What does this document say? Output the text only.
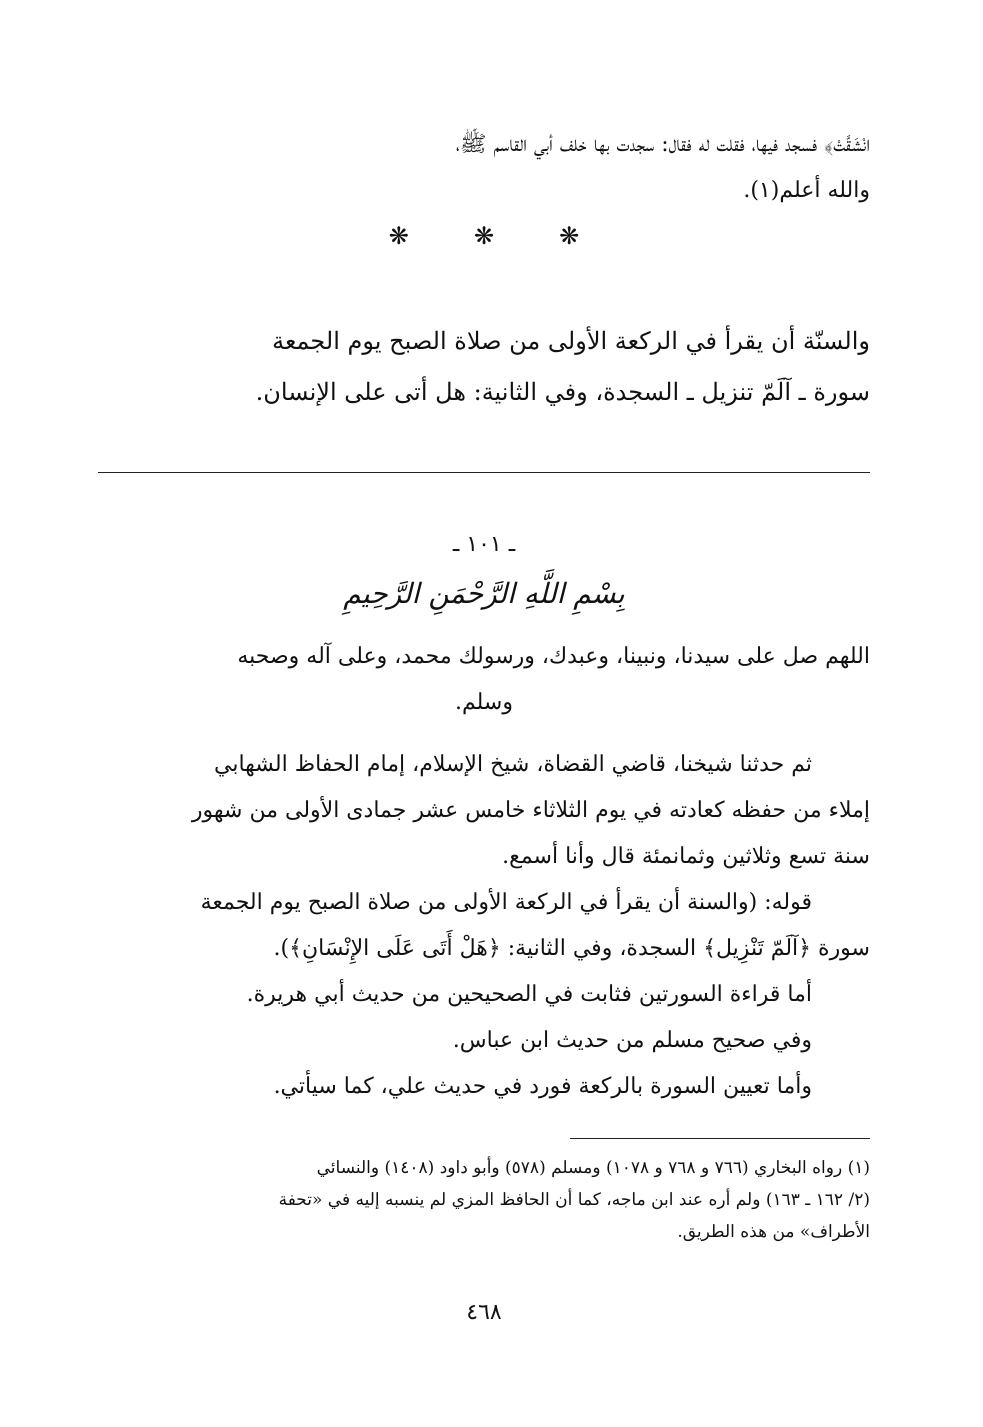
انْشَقَّتْ﴾ فسجد فيها، فقلت له فقال: سجدت بها خلف أبي القاسم ﷺ،

والله أعلم(١).

❋ ❋ ❋

والسنّة أن يقرأ في الركعة الأولى من صلاة الصبح يوم الجمعة

سورة ـ آلَمّ تنزيل ـ السجدة، وفي الثانية: هل أتى على الإنسان.

ـ ١٠١ ـ
بِسْمِ اللَّهِ الرَّحْمَنِ الرَّحِيمِ

اللهم صل على سيدنا، ونبينا، وعبدك، ورسولك محمد، وعلى آله وصحبه

وسلم.

ثم حدثنا شيخنا، قاضي القضاة، شيخ الإسلام، إمام الحفاظ الشهابي

إملاء من حفظه كعادته في يوم الثلاثاء خامس عشر جمادى الأولى من شهور

سنة تسع وثلاثين وثمانمئة قال وأنا أسمع.

قوله: (والسنة أن يقرأ في الركعة الأولى من صلاة الصبح يوم الجمعة

سورة ﴿آلَمّ تَنْزِيل﴾ السجدة، وفي الثانية: ﴿هَلْ أَتَى عَلَى الإِنْسَانِ﴾).

أما قراءة السورتين فثابت في الصحيحين من حديث أبي هريرة.

وفي صحيح مسلم من حديث ابن عباس.

وأما تعيين السورة بالركعة فورد في حديث علي، كما سيأتي.

(١) رواه البخاري (٧٦٦ و ٧٦٨ و ١٠٧٨) ومسلم (٥٧٨) وأبو داود (١٤٠٨) والنسائي

(٢/ ١٦٢ ـ ١٦٣) ولم أره عند ابن ماجه، كما أن الحافظ المزي لم ينسبه إليه في «تحفة

الأطراف» من هذه الطريق.

٤٦٨
